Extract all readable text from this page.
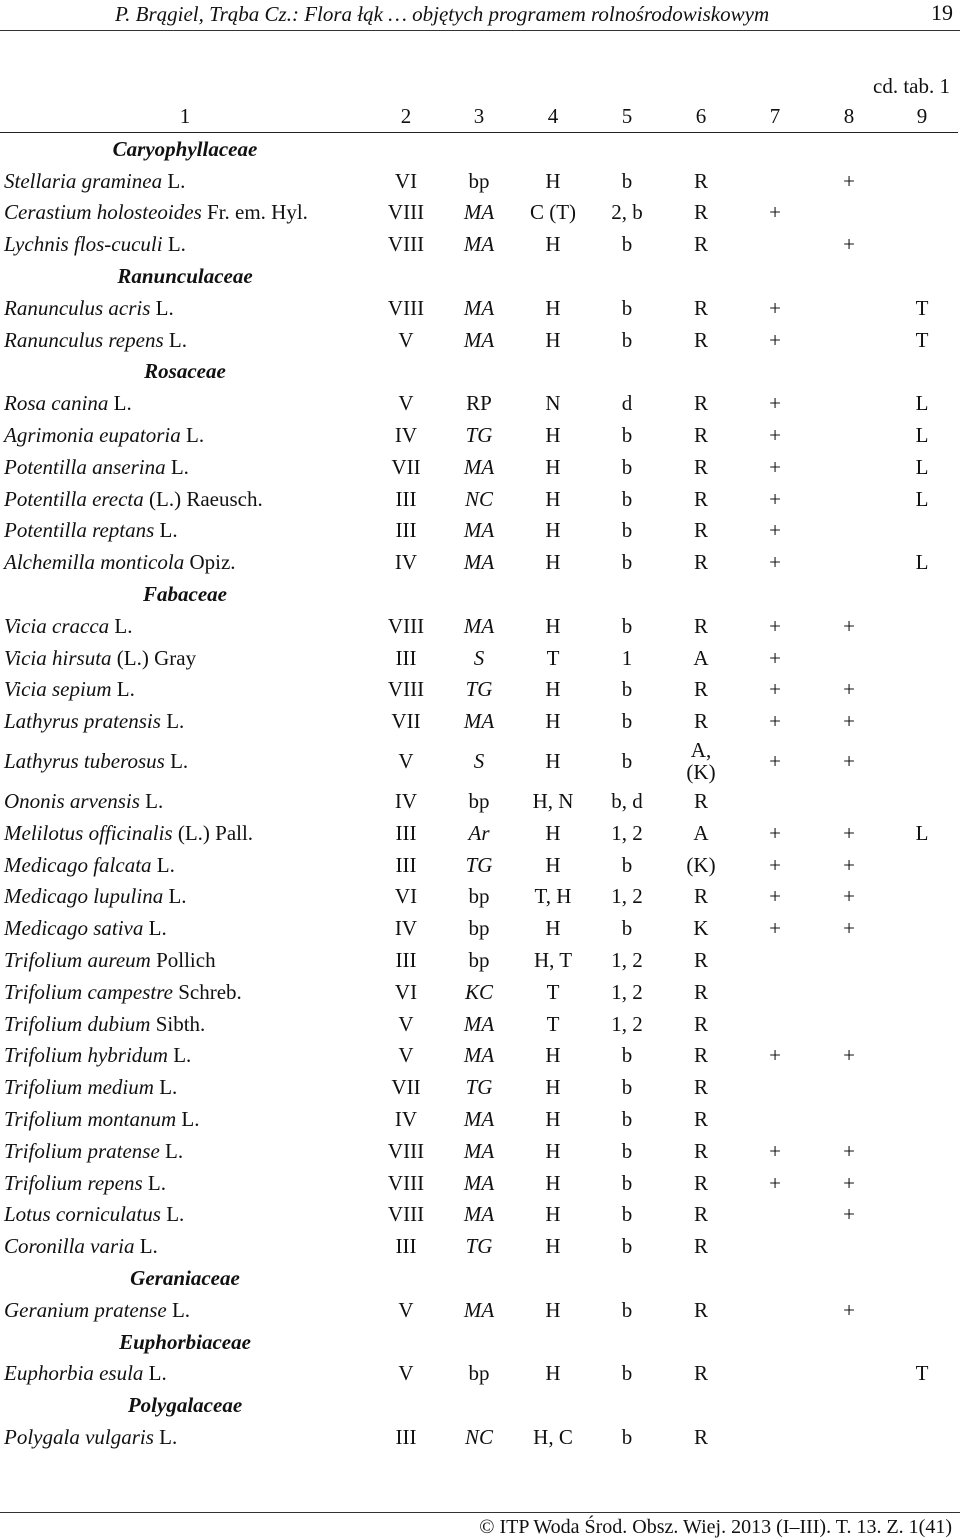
P. Brągiel, Trąba Cz.: Flora łąk … objętych programem rolnośrodowiskowym	19
cd. tab. 1
1	2	3	4	5	6	7	8	9
Caryophyllaceae								
Stellaria graminea L.	VI	bp	H	b	R		+	
Cerastium holosteoides Fr. em. Hyl.	VIII	MA	C (T)	2, b	R	+		
Lychnis flos-cuculi L.	VIII	MA	H	b	R		+	
Ranunculaceae								
Ranunculus acris L.	VIII	MA	H	b	R	+		T
Ranunculus repens L.	V	MA	H	b	R	+		T
Rosaceae								
Rosa canina L.	V	RP	N	d	R	+		L
Agrimonia eupatoria L.	IV	TG	H	b	R	+		L
Potentilla anserina L.	VII	MA	H	b	R	+		L
Potentilla erecta (L.) Raeusch.	III	NC	H	b	R	+		L
Potentilla reptans L.	III	MA	H	b	R	+		
Alchemilla monticola Opiz.	IV	MA	H	b	R	+		L
Fabaceae								
Vicia cracca L.	VIII	MA	H	b	R	+	+	
Vicia hirsuta (L.) Gray	III	S	T	1	A	+		
Vicia sepium L.	VIII	TG	H	b	R	+	+	
Lathyrus pratensis L.	VII	MA	H	b	R	+	+	
Lathyrus tuberosus L.	V	S	H	b	A,
(K)	+	+	
Ononis arvensis L.	IV	bp	H, N	b, d	R			
Melilotus officinalis (L.) Pall.	III	Ar	H	1, 2	A	+	+	L
Medicago falcata L.	III	TG	H	b	(K)	+	+	
Medicago lupulina L.	VI	bp	T, H	1, 2	R	+	+	
Medicago sativa L.	IV	bp	H	b	K	+	+	
Trifolium aureum Pollich	III	bp	H, T	1, 2	R			
Trifolium campestre Schreb.	VI	KC	T	1, 2	R			
Trifolium dubium Sibth.	V	MA	T	1, 2	R			
Trifolium hybridum L.	V	MA	H	b	R	+	+	
Trifolium medium L.	VII	TG	H	b	R			
Trifolium montanum L.	IV	MA	H	b	R			
Trifolium pratense L.	VIII	MA	H	b	R	+	+	
Trifolium repens L.	VIII	MA	H	b	R	+	+	
Lotus corniculatus L.	VIII	MA	H	b	R		+	
Coronilla varia L.	III	TG	H	b	R			
Geraniaceae								
Geranium pratense L.	V	MA	H	b	R		+	
Euphorbiaceae								
Euphorbia esula L.	V	bp	H	b	R			T
Polygalaceae								
Polygala vulgaris L.	III	NC	H, C	b	R			
© ITP Woda Środ. Obsz. Wiej. 2013 (I–III). T. 13. Z. 1(41)
